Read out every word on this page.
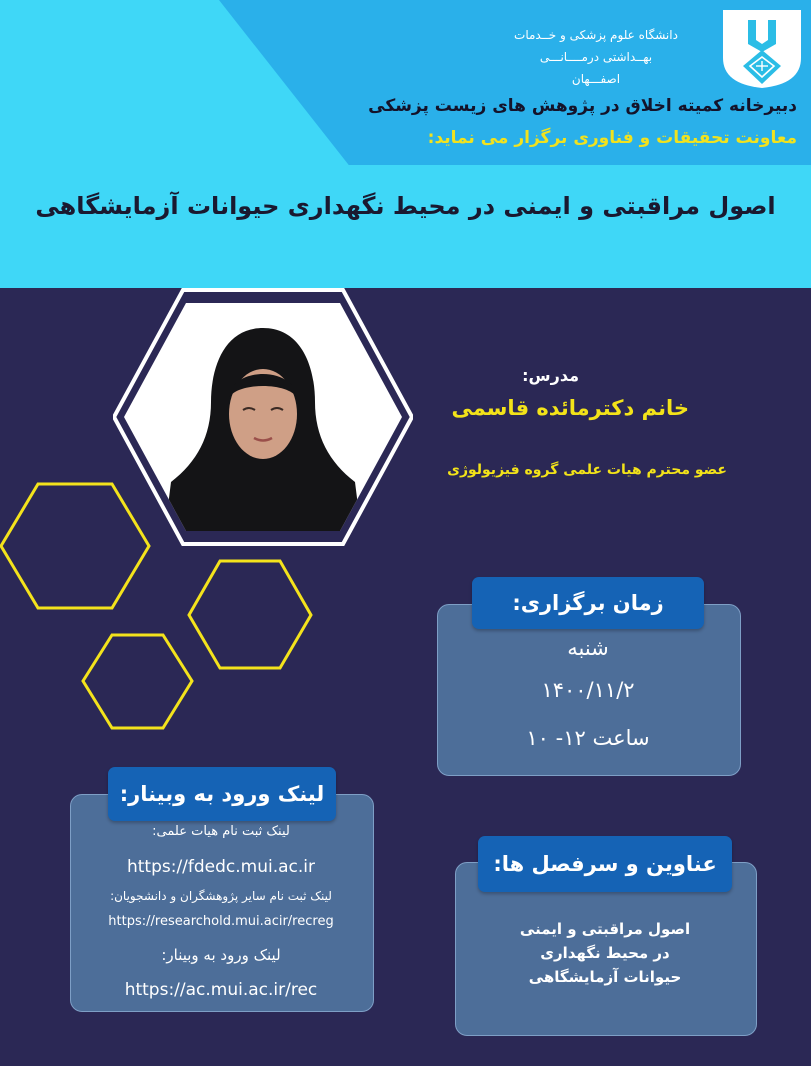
دانشگاه علوم پزشکی و خــدمات
بهــداشتی درمــــانـــی
اصفـــهان
دبیرخانه کمیته اخلاق در پژوهش های زیست پزشکی
معاونت تحقیقات و فناوری برگزار می نماید:
اصول مراقبتی و ایمنی در محیط نگهداری حیوانات آزمایشگاهی
مدرس:
خانم دکترمائده قاسمی
عضو محترم هیات علمی گروه فیزیولوژی
زمان برگزاری:
شنبه
۱۴۰۰/۱۱/۲
ساعت ۱۲- ۱۰
لینک ورود به وبینار:
لینک ثبت نام هیات علمی:
https://fdedc.mui.ac.ir
لینک ثبت نام سایر پژوهشگران و دانشجویان:
https://researchold.mui.acir/recreg
لینک ورود به وبینار:
https://ac.mui.ac.ir/rec
عناوین و سرفصل ها:
اصول مراقبتی و ایمنی
در محیط نگهداری
حیوانات آزمایشگاهی
